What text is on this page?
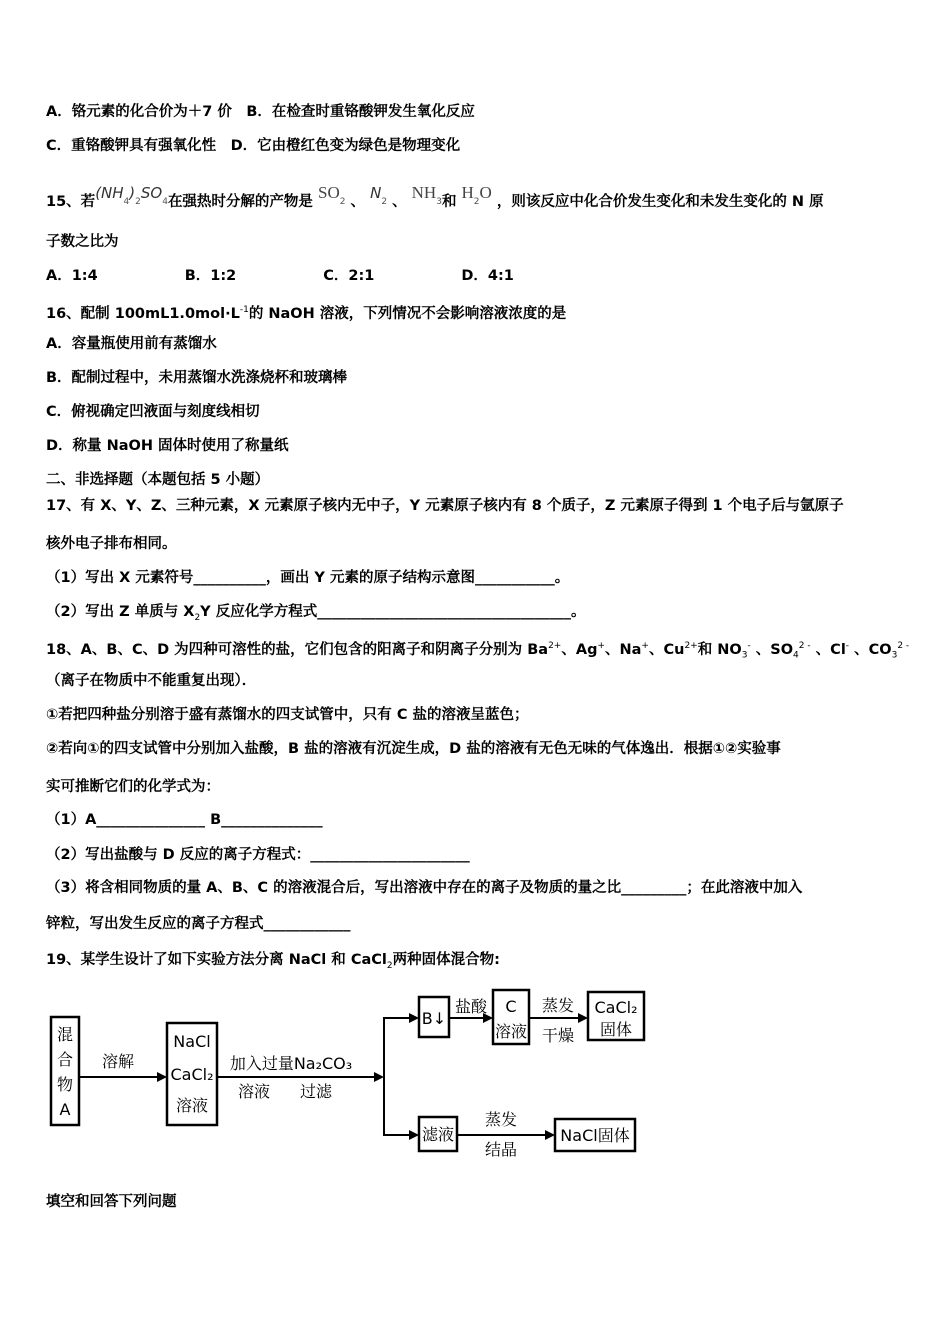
A．铬元素的化合价为＋7 价　B．在检查时重铬酸钾发生氧化反应
C．重铬酸钾具有强氧化性　D．它由橙红色变为绿色是物理变化
15、若(NH4)2SO4在强热时分解的产物是 SO2 、 N2 、 NH3和 H2O ，则该反应中化合价发生变化和未发生变化的 N 原
子数之比为
A．1:4　　　　　　B．1:2　　　　　　C．2:1　　　　　　D．4:1
16、配制 $100mL1.0mol\cdot L^{-1}$的 NaOH 溶液，下列情况不会影响溶液浓度的是
A．容量瓶使用前有蒸馏水
B．配制过程中，未用蒸馏水洗涤烧杯和玻璃棒
C．俯视确定凹液面与刻度线相切
D．称量 NaOH 固体时使用了称量纸
二、非选择题（本题包括 5 小题）
17、有 X、Y、Z、三种元素，X 元素原子核内无中子，Y 元素原子核内有 8 个质子，Z 元素原子得到 1 个电子后与氩原子
核外电子排布相同。
（1）写出 X 元素符号__________，画出 Y 元素的原子结构示意图___________。
（2）写出 Z 单质与 $X_2Y$ 反应化学方程式___________________________________。
18、A、B、C、D 为四种可溶性的盐，它们包含的阳离子和阴离子分别为 $Ba^{2+}$、Ag+、Na+、$Cu^{2+}$和 $NO_3^-$ 、$SO_4^{2 -}$ 、Cl- 、$CO_3^{2 -}$
（离子在物质中不能重复出现）．
①若把四种盐分别溶于盛有蒸馏水的四支试管中，只有 C 盐的溶液呈蓝色；
②若向①的四支试管中分别加入盐酸，B 盐的溶液有沉淀生成，D 盐的溶液有无色无味的气体逸出．根据①②实验事
实可推断它们的化学式为：
（1）A_______________ B______________
（2）写出盐酸与 D 反应的离子方程式：______________________
（3）将含相同物质的量 A、B、C 的溶液混合后，写出溶液中存在的离子及物质的量之比_________；在此溶液中加入
锌粒，写出发生反应的离子方程式____________
19、某学生设计了如下实验方法分离 NaCl 和 CaCl$_2$两种固体混合物:
填空和回答下列问题
混
合
物
A
溶解
NaCl
CaCl₂
溶液
加入过量Na₂CO₃
溶液 过滤
B↓
盐酸 C
溶液
蒸发
干燥
CaCl₂
固体
滤液
蒸发
结晶
NaCl固体
